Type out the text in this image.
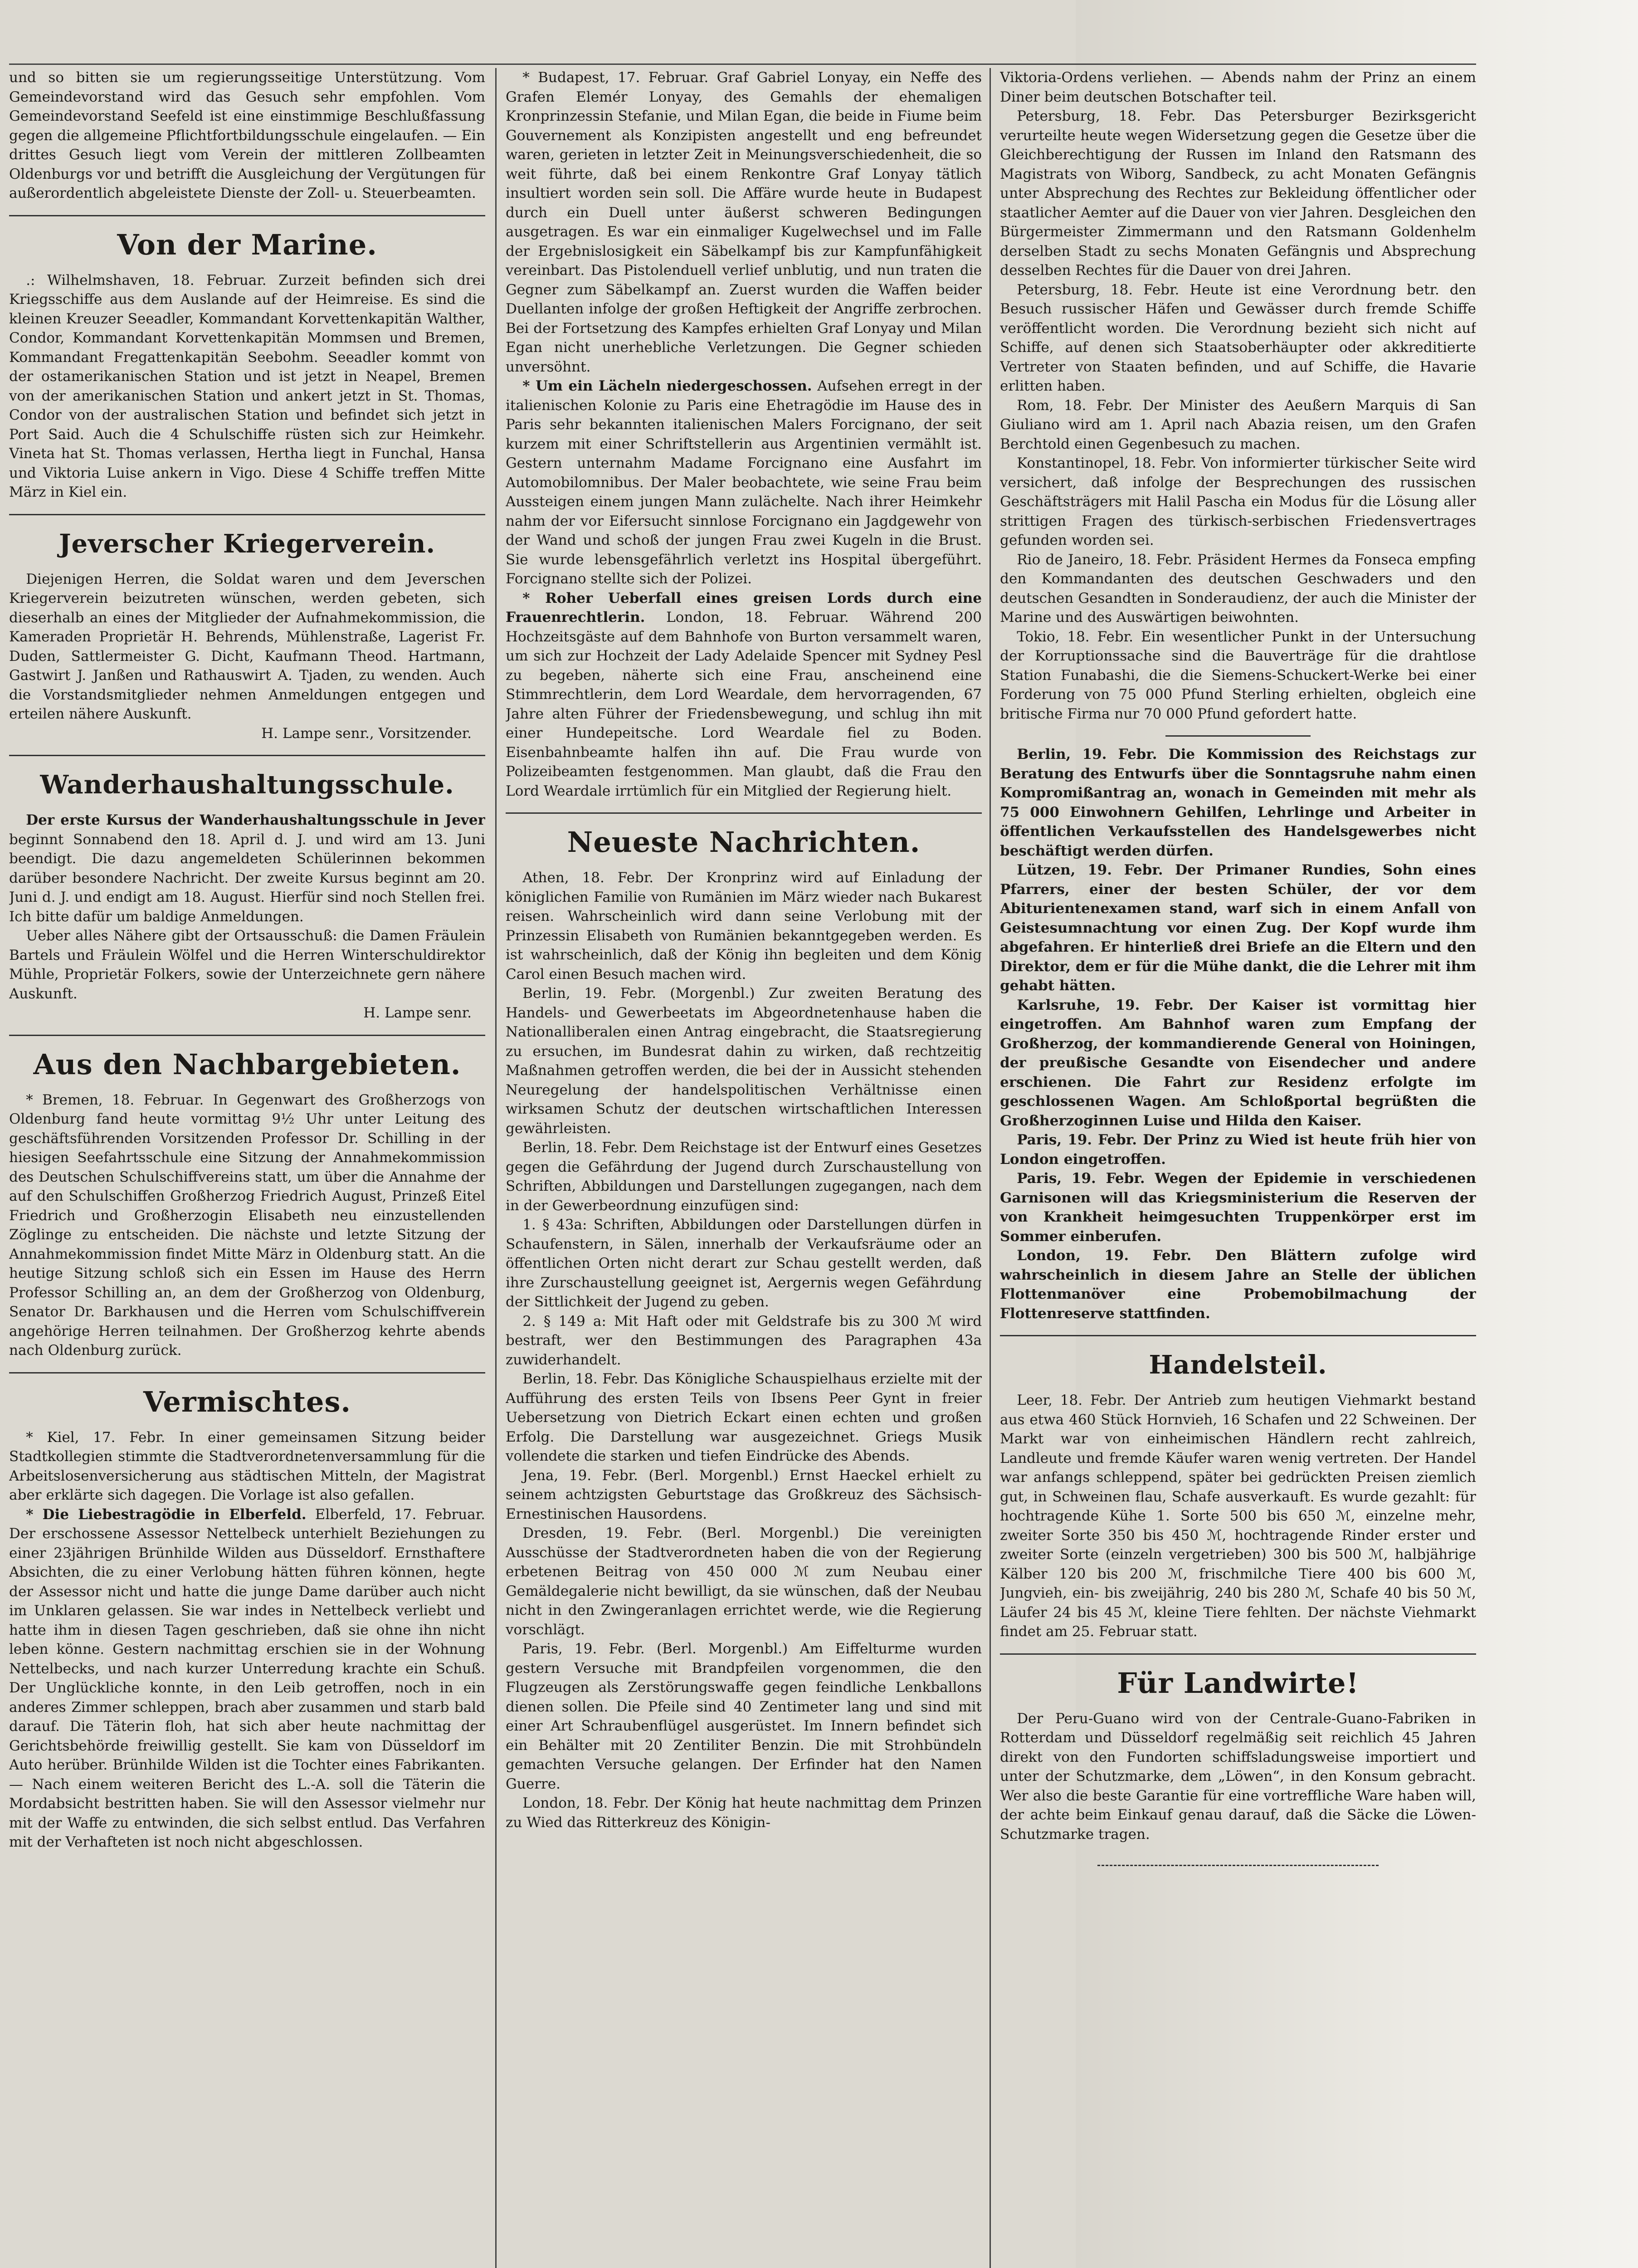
und so bitten sie um regierungsseitige Unterstützung. Vom Gemeindevorstand wird das Gesuch sehr empfohlen. Vom Gemeindevorstand Seefeld ist eine einstimmige Beschlußfassung gegen die allgemeine Pflichtfortbildungsschule eingelaufen. — Ein drittes Gesuch liegt vom Verein der mittleren Zollbeamten Oldenburgs vor und betrifft die Ausgleichung der Vergütungen für außerordentlich abgeleistete Dienste der Zoll- u. Steuerbeamten.

Von der Marine.

.: Wilhelmshaven, 18. Februar. Zurzeit befinden sich drei Kriegsschiffe aus dem Auslande auf der Heimreise. Es sind die kleinen Kreuzer Seeadler, Kommandant Korvettenkapitän Walther, Condor, Kommandant Korvettenkapitän Mommsen und Bremen, Kommandant Fregattenkapitän Seebohm. Seeadler kommt von der ostamerikanischen Station und ist jetzt in Neapel, Bremen von der amerikanischen Station und ankert jetzt in St. Thomas, Condor von der australischen Station und befindet sich jetzt in Port Said. Auch die 4 Schulschiffe rüsten sich zur Heimkehr. Vineta hat St. Thomas verlassen, Hertha liegt in Funchal, Hansa und Viktoria Luise ankern in Vigo. Diese 4 Schiffe treffen Mitte März in Kiel ein.

Jeverscher Kriegerverein.

Diejenigen Herren, die Soldat waren und dem Jeverschen Kriegerverein beizutreten wünschen, werden gebeten, sich dieserhalb an eines der Mitglieder der Aufnahmekommission, die Kameraden Proprietär H. Behrends, Mühlenstraße, Lagerist Fr. Duden, Sattlermeister G. Dicht, Kaufmann Theod. Hartmann, Gastwirt J. Janßen und Rathauswirt A. Tjaden, zu wenden. Auch die Vorstandsmitglieder nehmen Anmeldungen entgegen und erteilen nähere Auskunft.

H. Lampe senr., Vorsitzender.

Wanderhaushaltungsschule.

Der erste Kursus der Wanderhaushaltungsschule in Jever beginnt Sonnabend den 18. April d. J. und wird am 13. Juni beendigt. Die dazu angemeldeten Schülerinnen bekommen darüber besondere Nachricht. Der zweite Kursus beginnt am 20. Juni d. J. und endigt am 18. August. Hierfür sind noch Stellen frei. Ich bitte dafür um baldige Anmeldungen.

Ueber alles Nähere gibt der Ortsausschuß: die Damen Fräulein Bartels und Fräulein Wölfel und die Herren Winterschuldirektor Mühle, Proprietär Folkers, sowie der Unterzeichnete gern nähere Auskunft.

H. Lampe senr.

Aus den Nachbargebieten.

* Bremen, 18. Februar. In Gegenwart des Großherzogs von Oldenburg fand heute vormittag 9½ Uhr unter Leitung des geschäftsführenden Vorsitzenden Professor Dr. Schilling in der hiesigen Seefahrtsschule eine Sitzung der Annahmekommission des Deutschen Schulschiffvereins statt, um über die Annahme der auf den Schulschiffen Großherzog Friedrich August, Prinzeß Eitel Friedrich und Großherzogin Elisabeth neu einzustellenden Zöglinge zu entscheiden. Die nächste und letzte Sitzung der Annahmekommission findet Mitte März in Oldenburg statt. An die heutige Sitzung schloß sich ein Essen im Hause des Herrn Professor Schilling an, an dem der Großherzog von Oldenburg, Senator Dr. Barkhausen und die Herren vom Schulschiffverein angehörige Herren teilnahmen. Der Großherzog kehrte abends nach Oldenburg zurück.

Vermischtes.

* Kiel, 17. Febr. In einer gemeinsamen Sitzung beider Stadtkollegien stimmte die Stadtverordnetenversammlung für die Arbeitslosenversicherung aus städtischen Mitteln, der Magistrat aber erklärte sich dagegen. Die Vorlage ist also gefallen.

* Die Liebestragödie in Elberfeld. Elberfeld, 17. Februar. Der erschossene Assessor Nettelbeck unterhielt Beziehungen zu einer 23jährigen Brünhilde Wilden aus Düsseldorf. Ernsthaftere Absichten, die zu einer Verlobung hätten führen können, hegte der Assessor nicht und hatte die junge Dame darüber auch nicht im Unklaren gelassen. Sie war indes in Nettelbeck verliebt und hatte ihm in diesen Tagen geschrieben, daß sie ohne ihn nicht leben könne. Gestern nachmittag erschien sie in der Wohnung Nettelbecks, und nach kurzer Unterredung krachte ein Schuß. Der Unglückliche konnte, in den Leib getroffen, noch in ein anderes Zimmer schleppen, brach aber zusammen und starb bald darauf. Die Täterin floh, hat sich aber heute nachmittag der Gerichtsbehörde freiwillig gestellt. Sie kam von Düsseldorf im Auto herüber. Brünhilde Wilden ist die Tochter eines Fabrikanten. — Nach einem weiteren Bericht des L.-A. soll die Täterin die Mordabsicht bestritten haben. Sie will den Assessor vielmehr nur mit der Waffe zu entwinden, die sich selbst entlud. Das Verfahren mit der Verhafteten ist noch nicht abgeschlossen.

* Budapest, 17. Februar. Graf Gabriel Lonyay, ein Neffe des Grafen Elemér Lonyay, des Gemahls der ehemaligen Kronprinzessin Stefanie, und Milan Egan, die beide in Fiume beim Gouvernement als Konzipisten angestellt und eng befreundet waren, gerieten in letzter Zeit in Meinungsverschiedenheit, die so weit führte, daß bei einem Renkontre Graf Lonyay tätlich insultiert worden sein soll. Die Affäre wurde heute in Budapest durch ein Duell unter äußerst schweren Bedingungen ausgetragen. Es war ein einmaliger Kugelwechsel und im Falle der Ergebnislosigkeit ein Säbelkampf bis zur Kampfunfähigkeit vereinbart. Das Pistolenduell verlief unblutig, und nun traten die Gegner zum Säbelkampf an. Zuerst wurden die Waffen beider Duellanten infolge der großen Heftigkeit der Angriffe zerbrochen. Bei der Fortsetzung des Kampfes erhielten Graf Lonyay und Milan Egan nicht unerhebliche Verletzungen. Die Gegner schieden unversöhnt.

* Um ein Lächeln niedergeschossen. Aufsehen erregt in der italienischen Kolonie zu Paris eine Ehetragödie im Hause des in Paris sehr bekannten italienischen Malers Forcignano, der seit kurzem mit einer Schriftstellerin aus Argentinien vermählt ist. Gestern unternahm Madame Forcignano eine Ausfahrt im Automobilomnibus. Der Maler beobachtete, wie seine Frau beim Aussteigen einem jungen Mann zulächelte. Nach ihrer Heimkehr nahm der vor Eifersucht sinnlose Forcignano ein Jagdgewehr von der Wand und schoß der jungen Frau zwei Kugeln in die Brust. Sie wurde lebensgefährlich verletzt ins Hospital übergeführt. Forcignano stellte sich der Polizei.

* Roher Ueberfall eines greisen Lords durch eine Frauenrechtlerin. London, 18. Februar. Während 200 Hochzeitsgäste auf dem Bahnhofe von Burton versammelt waren, um sich zur Hochzeit der Lady Adelaide Spencer mit Sydney Pesl zu begeben, näherte sich eine Frau, anscheinend eine Stimmrechtlerin, dem Lord Weardale, dem hervorragenden, 67 Jahre alten Führer der Friedensbewegung, und schlug ihn mit einer Hundepeitsche. Lord Weardale fiel zu Boden. Eisenbahnbeamte halfen ihn auf. Die Frau wurde von Polizeibeamten festgenommen. Man glaubt, daß die Frau den Lord Weardale irrtümlich für ein Mitglied der Regierung hielt.

Neueste Nachrichten.

Athen, 18. Febr. Der Kronprinz wird auf Einladung der königlichen Familie von Rumänien im März wieder nach Bukarest reisen. Wahrscheinlich wird dann seine Verlobung mit der Prinzessin Elisabeth von Rumänien bekanntgegeben werden. Es ist wahrscheinlich, daß der König ihn begleiten und dem König Carol einen Besuch machen wird.

Berlin, 19. Febr. (Morgenbl.) Zur zweiten Beratung des Handels- und Gewerbeetats im Abgeordnetenhause haben die Nationalliberalen einen Antrag eingebracht, die Staatsregierung zu ersuchen, im Bundesrat dahin zu wirken, daß rechtzeitig Maßnahmen getroffen werden, die bei der in Aussicht stehenden Neuregelung der handelspolitischen Verhältnisse einen wirksamen Schutz der deutschen wirtschaftlichen Interessen gewährleisten.

Berlin, 18. Febr. Dem Reichstage ist der Entwurf eines Gesetzes gegen die Gefährdung der Jugend durch Zurschaustellung von Schriften, Abbildungen und Darstellungen zugegangen, nach dem in der Gewerbeordnung einzufügen sind:

1. § 43a: Schriften, Abbildungen oder Darstellungen dürfen in Schaufenstern, in Sälen, innerhalb der Verkaufsräume oder an öffentlichen Orten nicht derart zur Schau gestellt werden, daß ihre Zurschaustellung geeignet ist, Aergernis wegen Gefährdung der Sittlichkeit der Jugend zu geben.

2. § 149 a: Mit Haft oder mit Geldstrafe bis zu 300 ℳ wird bestraft, wer den Bestimmungen des Paragraphen 43a zuwiderhandelt.

Berlin, 18. Febr. Das Königliche Schauspielhaus erzielte mit der Aufführung des ersten Teils von Ibsens Peer Gynt in freier Uebersetzung von Dietrich Eckart einen echten und großen Erfolg. Die Darstellung war ausgezeichnet. Griegs Musik vollendete die starken und tiefen Eindrücke des Abends.

Jena, 19. Febr. (Berl. Morgenbl.) Ernst Haeckel erhielt zu seinem achtzigsten Geburtstage das Großkreuz des Sächsisch-Ernestinischen Hausordens.

Dresden, 19. Febr. (Berl. Morgenbl.) Die vereinigten Ausschüsse der Stadtverordneten haben die von der Regierung erbetenen Beitrag von 450 000 ℳ zum Neubau einer Gemäldegalerie nicht bewilligt, da sie wünschen, daß der Neubau nicht in den Zwingeranlagen errichtet werde, wie die Regierung vorschlägt.

Paris, 19. Febr. (Berl. Morgenbl.) Am Eiffelturme wurden gestern Versuche mit Brandpfeilen vorgenommen, die den Flugzeugen als Zerstörungswaffe gegen feindliche Lenkballons dienen sollen. Die Pfeile sind 40 Zentimeter lang und sind mit einer Art Schraubenflügel ausgerüstet. Im Innern befindet sich ein Behälter mit 20 Zentiliter Benzin. Die mit Strohbündeln gemachten Versuche gelangen. Der Erfinder hat den Namen Guerre.

London, 18. Febr. Der König hat heute nachmittag dem Prinzen zu Wied das Ritterkreuz des Königin-

Viktoria-Ordens verliehen. — Abends nahm der Prinz an einem Diner beim deutschen Botschafter teil.

Petersburg, 18. Febr. Das Petersburger Bezirksgericht verurteilte heute wegen Widersetzung gegen die Gesetze über die Gleichberechtigung der Russen im Inland den Ratsmann des Magistrats von Wiborg, Sandbeck, zu acht Monaten Gefängnis unter Absprechung des Rechtes zur Bekleidung öffentlicher oder staatlicher Aemter auf die Dauer von vier Jahren. Desgleichen den Bürgermeister Zimmermann und den Ratsmann Goldenhelm derselben Stadt zu sechs Monaten Gefängnis und Absprechung desselben Rechtes für die Dauer von drei Jahren.

Petersburg, 18. Febr. Heute ist eine Verordnung betr. den Besuch russischer Häfen und Gewässer durch fremde Schiffe veröffentlicht worden. Die Verordnung bezieht sich nicht auf Schiffe, auf denen sich Staatsoberhäupter oder akkreditierte Vertreter von Staaten befinden, und auf Schiffe, die Havarie erlitten haben.

Rom, 18. Febr. Der Minister des Aeußern Marquis di San Giuliano wird am 1. April nach Abazia reisen, um den Grafen Berchtold einen Gegenbesuch zu machen.

Konstantinopel, 18. Febr. Von informierter türkischer Seite wird versichert, daß infolge der Besprechungen des russischen Geschäftsträgers mit Halil Pascha ein Modus für die Lösung aller strittigen Fragen des türkisch-serbischen Friedensvertrages gefunden worden sei.

Rio de Janeiro, 18. Febr. Präsident Hermes da Fonseca empfing den Kommandanten des deutschen Geschwaders und den deutschen Gesandten in Sonderaudienz, der auch die Minister der Marine und des Auswärtigen beiwohnten.

Tokio, 18. Febr. Ein wesentlicher Punkt in der Untersuchung der Korruptionssache sind die Bauverträge für die drahtlose Station Funabashi, die die Siemens-Schuckert-Werke bei einer Forderung von 75 000 Pfund Sterling erhielten, obgleich eine britische Firma nur 70 000 Pfund gefordert hatte.

Berlin, 19. Febr. Die Kommission des Reichstags zur Beratung des Entwurfs über die Sonntagsruhe nahm einen Kompromißantrag an, wonach in Gemeinden mit mehr als 75 000 Einwohnern Gehilfen, Lehrlinge und Arbeiter in öffentlichen Verkaufsstellen des Handelsgewerbes nicht beschäftigt werden dürfen.

Lützen, 19. Febr. Der Primaner Rundies, Sohn eines Pfarrers, einer der besten Schüler, der vor dem Abiturientenexamen stand, warf sich in einem Anfall von Geistesumnachtung vor einen Zug. Der Kopf wurde ihm abgefahren. Er hinterließ drei Briefe an die Eltern und den Direktor, dem er für die Mühe dankt, die die Lehrer mit ihm gehabt hätten.

Karlsruhe, 19. Febr. Der Kaiser ist vormittag hier eingetroffen. Am Bahnhof waren zum Empfang der Großherzog, der kommandierende General von Hoiningen, der preußische Gesandte von Eisendecher und andere erschienen. Die Fahrt zur Residenz erfolgte im geschlossenen Wagen. Am Schloßportal begrüßten die Großherzoginnen Luise und Hilda den Kaiser.

Paris, 19. Febr. Der Prinz zu Wied ist heute früh hier von London eingetroffen.

Paris, 19. Febr. Wegen der Epidemie in verschiedenen Garnisonen will das Kriegsministerium die Reserven der von Krankheit heimgesuchten Truppenkörper erst im Sommer einberufen.

London, 19. Febr. Den Blättern zufolge wird wahrscheinlich in diesem Jahre an Stelle der üblichen Flottenmanöver eine Probemobilmachung der Flottenreserve stattfinden.

Handelsteil.

Leer, 18. Febr. Der Antrieb zum heutigen Viehmarkt bestand aus etwa 460 Stück Hornvieh, 16 Schafen und 22 Schweinen. Der Markt war von einheimischen Händlern recht zahlreich, Landleute und fremde Käufer waren wenig vertreten. Der Handel war anfangs schleppend, später bei gedrückten Preisen ziemlich gut, in Schweinen flau, Schafe ausverkauft. Es wurde gezahlt: für hochtragende Kühe 1. Sorte 500 bis 650 ℳ, einzelne mehr, zweiter Sorte 350 bis 450 ℳ, hochtragende Rinder erster und zweiter Sorte (einzeln vergetrieben) 300 bis 500 ℳ, halbjährige Kälber 120 bis 200 ℳ, frischmilche Tiere 400 bis 600 ℳ, Jungvieh, ein- bis zweijährig, 240 bis 280 ℳ, Schafe 40 bis 50 ℳ, Läufer 24 bis 45 ℳ, kleine Tiere fehlten. Der nächste Viehmarkt findet am 25. Februar statt.

Für Landwirte!

Der Peru-Guano wird von der Centrale-Guano-Fabriken in Rotterdam und Düsseldorf regelmäßig seit reichlich 45 Jahren direkt von den Fundorten schiffsladungsweise importiert und unter der Schutzmarke, dem „Löwen“, in den Konsum gebracht. Wer also die beste Garantie für eine vortreffliche Ware haben will, der achte beim Einkauf genau darauf, daß die Säcke die Löwen-Schutzmarke tragen.
